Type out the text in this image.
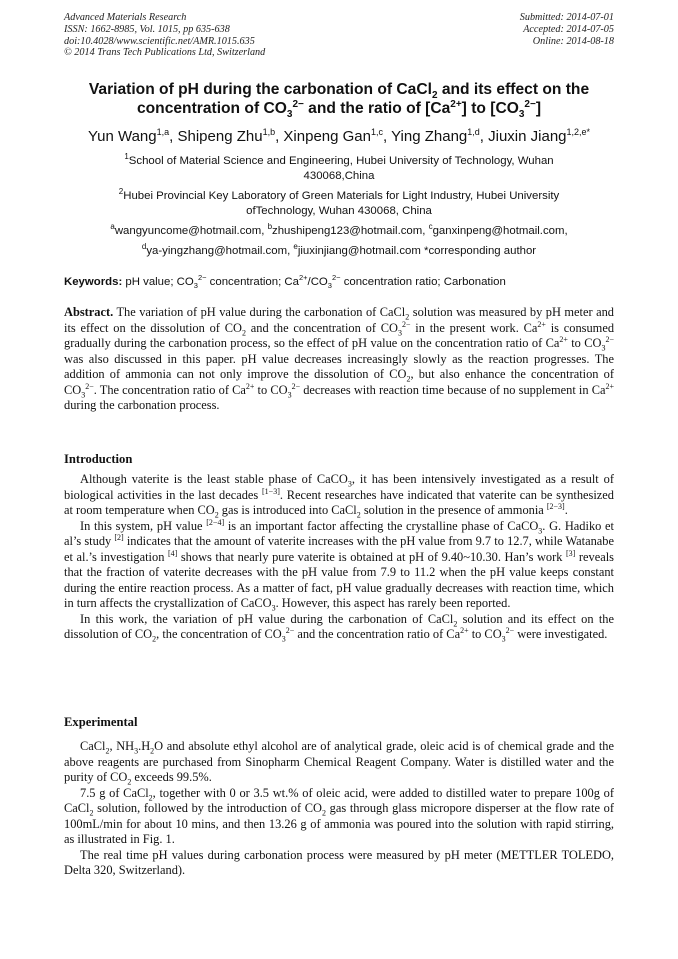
Advanced Materials Research
ISSN: 1662-8985, Vol. 1015, pp 635-638
doi:10.4028/www.scientific.net/AMR.1015.635
© 2014 Trans Tech Publications Ltd, Switzerland
Submitted: 2014-07-01
Accepted: 2014-07-05
Online: 2014-08-18
Variation of pH during the carbonation of CaCl$_2$ and its effect on the
concentration of $CO_3^{2-}$ and the ratio of $[Ca^{2+}]$ to $[CO_3^{2-}]$
Yun Wang$^{1,a}$, Shipeng Zhu$^{1,b}$, Xinpeng Gan$^{1,c}$, Ying Zhang$^{1,d}$, Jiuxin Jiang$^{1,2,e*}$
$^1$School of Material Science and Engineering, Hubei University of Technology, Wuhan
430068,China
$^2$Hubei Provincial Key Laboratory of Green Materials for Light Industry, Hubei University
ofTechnology, Wuhan 430068, China
$^a$wangyuncome@hotmail.com, $^b$zhushipeng123@hotmail.com, $^c$ganxinpeng@hotmail.com,
$^d$ya-yingzhang@hotmail.com, $^e$jiuxinjiang@hotmail.com *corresponding author
Keywords: pH value; $CO_3^{2-}$ concentration; $Ca^{2+}/CO_3^{2-}$ concentration ratio; Carbonation
Abstract. The variation of pH value during the carbonation of CaCl$_2$ solution was measured by pH meter and its effect on the dissolution of $CO_2$ and the concentration of $CO_3^{2-}$ in the present work. $Ca^{2+}$ is consumed gradually during the carbonation process, so the effect of pH value on the concentration ratio of $Ca^{2+}$ to $CO_3^{2-}$ was also discussed in this paper. pH value decreases increasingly slowly as the reaction progresses. The addition of ammonia can not only improve the dissolution of $CO_2$, but also enhance the concentration of $CO_3^{2-}$. The concentration ratio of $Ca^{2+}$ to $CO_3^{2-}$ decreases with reaction time because of no supplement in $Ca^{2+}$ during the carbonation process.
Introduction

Although vaterite is the least stable phase of CaCO$_3$, it has been intensively investigated as a result of biological activities in the last decades [1−3]. Recent researches have indicated that vaterite can be synthesized at room temperature when $CO_2$ gas is introduced into CaCl$_2$ solution in the presence of ammonia [2−3].

In this system, pH value [2−4] is an important factor affecting the crystalline phase of CaCO$_3$. G. Hadiko et al’s study [2] indicates that the amount of vaterite increases with the pH value from 9.7 to 12.7, while Watanabe et al.’s investigation [4] shows that nearly pure vaterite is obtained at pH of 9.40~10.30. Han’s work [3] reveals that the fraction of vaterite decreases with the pH value from 7.9 to 11.2 when the pH value keeps constant during the entire reaction process. As a matter of fact, pH value gradually decreases with reaction time, which in turn affects the crystallization of CaCO$_3$. However, this aspect has rarely been reported.

In this work, the variation of pH value during the carbonation of CaCl$_2$ solution and its effect on the dissolution of $CO_2$, the concentration of $CO_3^{2-}$ and the concentration ratio of $Ca^{2+}$ to $CO_3^{2-}$ were investigated.

Experimental

CaCl$_2$, $NH_3.H_2O$ and absolute ethyl alcohol are of analytical grade, oleic acid is of chemical grade and the above reagents are purchased from Sinopharm Chemical Reagent Company. Water is distilled water and the purity of $CO_2$ exceeds 99.5%.

7.5 g of CaCl$_2$, together with 0 or 3.5 wt.% of oleic acid, were added to distilled water to prepare 100g of CaCl$_2$ solution, followed by the introduction of $CO_2$ gas through glass micropore disperser at the flow rate of 100mL/min for about 10 mins, and then 13.26 g of ammonia was poured into the solution with rapid stirring, as illustrated in Fig. 1.

The real time pH values during carbonation process were measured by pH meter (METTLER TOLEDO, Delta 320, Switzerland).
